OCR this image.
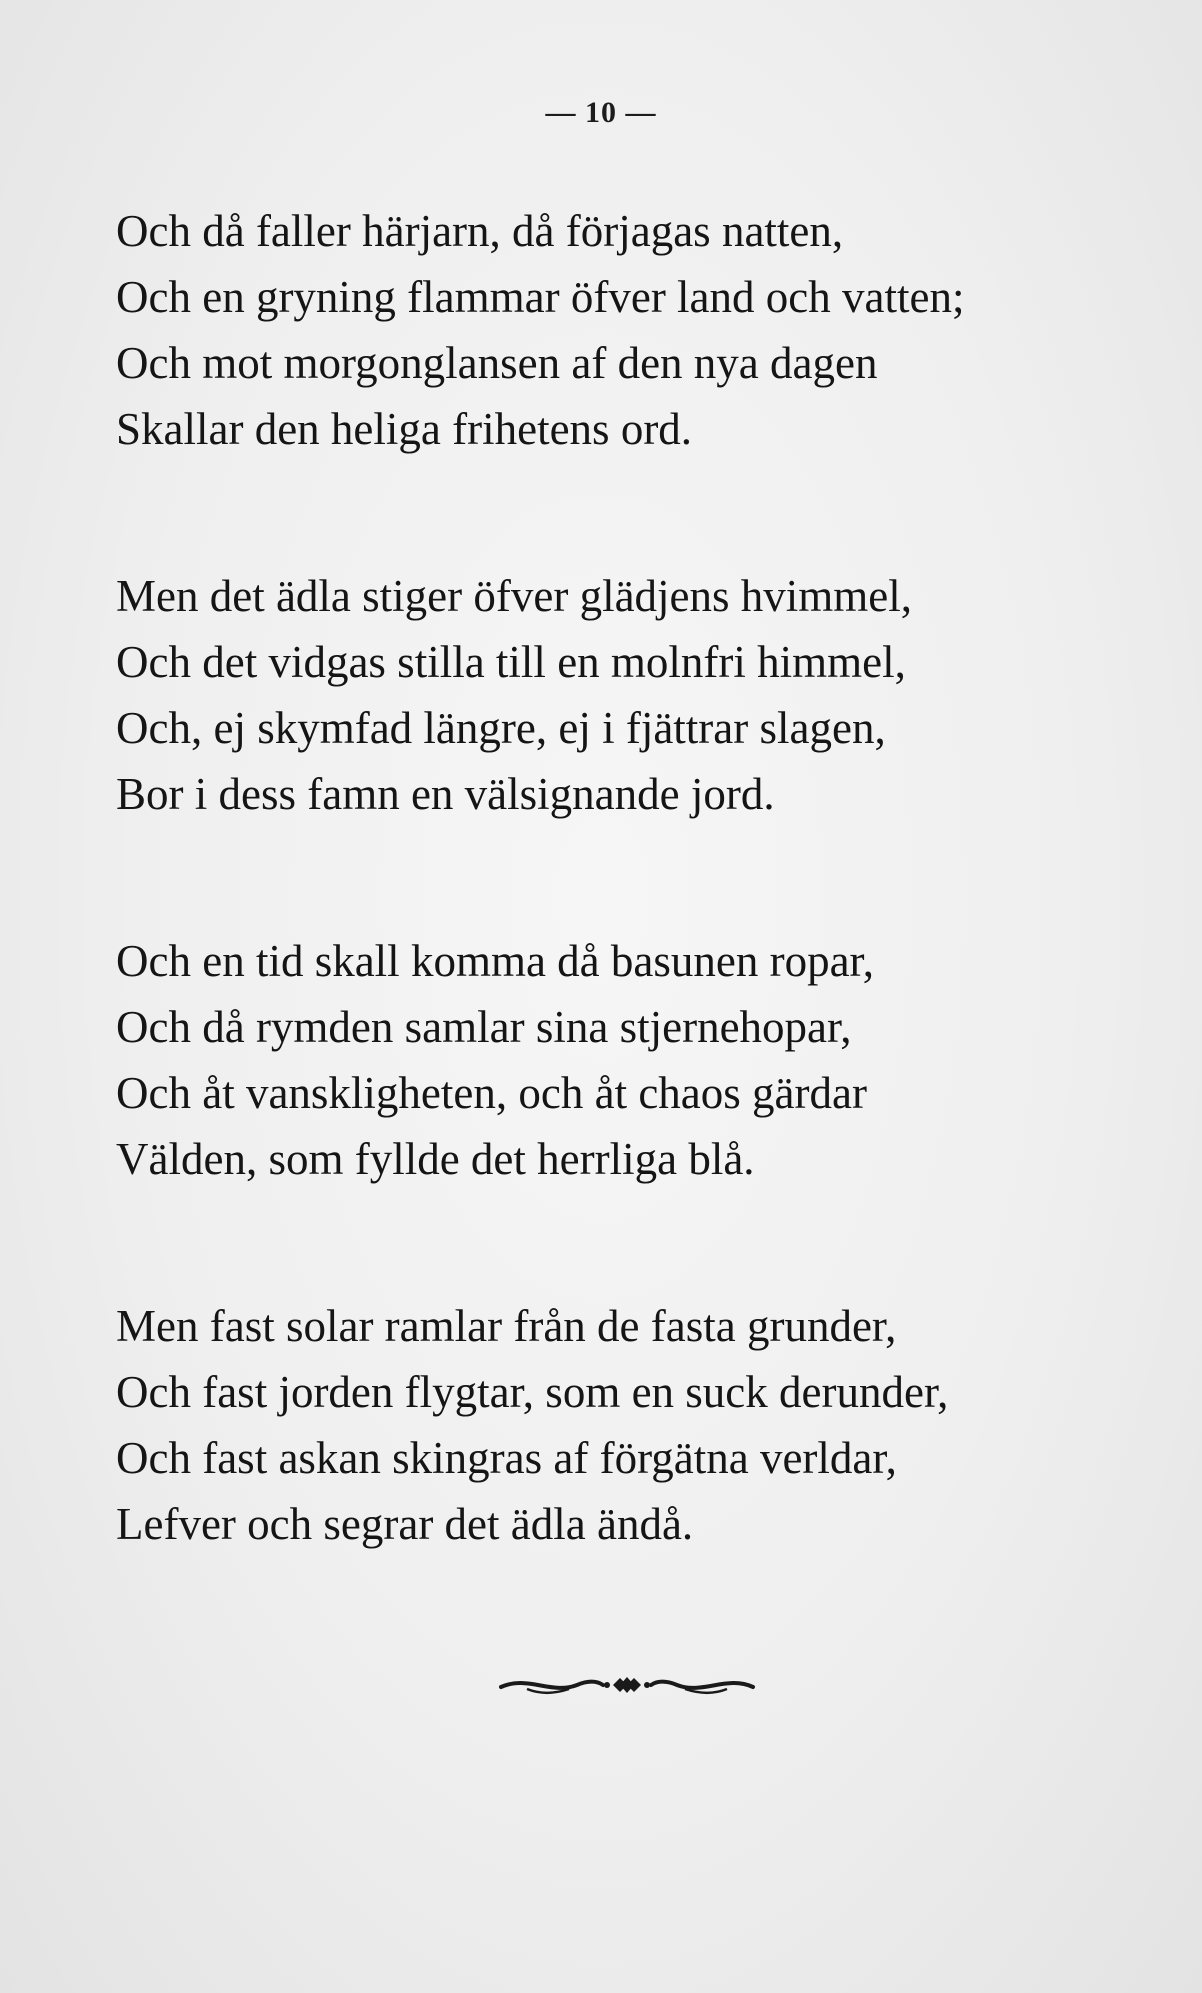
— 10 —
Och då faller härjarn, då förjagas natten,
Och en gryning flammar öfver land och vatten;
Och mot morgonglansen af den nya dagen
Skallar den heliga frihetens ord.
Men det ädla stiger öfver glädjens hvimmel,
Och det vidgas stilla till en molnfri himmel,
Och, ej skymfad längre, ej i fjättrar slagen,
Bor i dess famn en välsignande jord.
Och en tid skall komma då basunen ropar,
Och då rymden samlar sina stjernehopar,
Och åt vanskligheten, och åt chaos gärdar
Välden, som fyllde det herrliga blå.
Men fast solar ramlar från de fasta grunder,
Och fast jorden flygtar, som en suck derunder,
Och fast askan skingras af förgätna verldar,
Lefver och segrar det ädla ändå.
